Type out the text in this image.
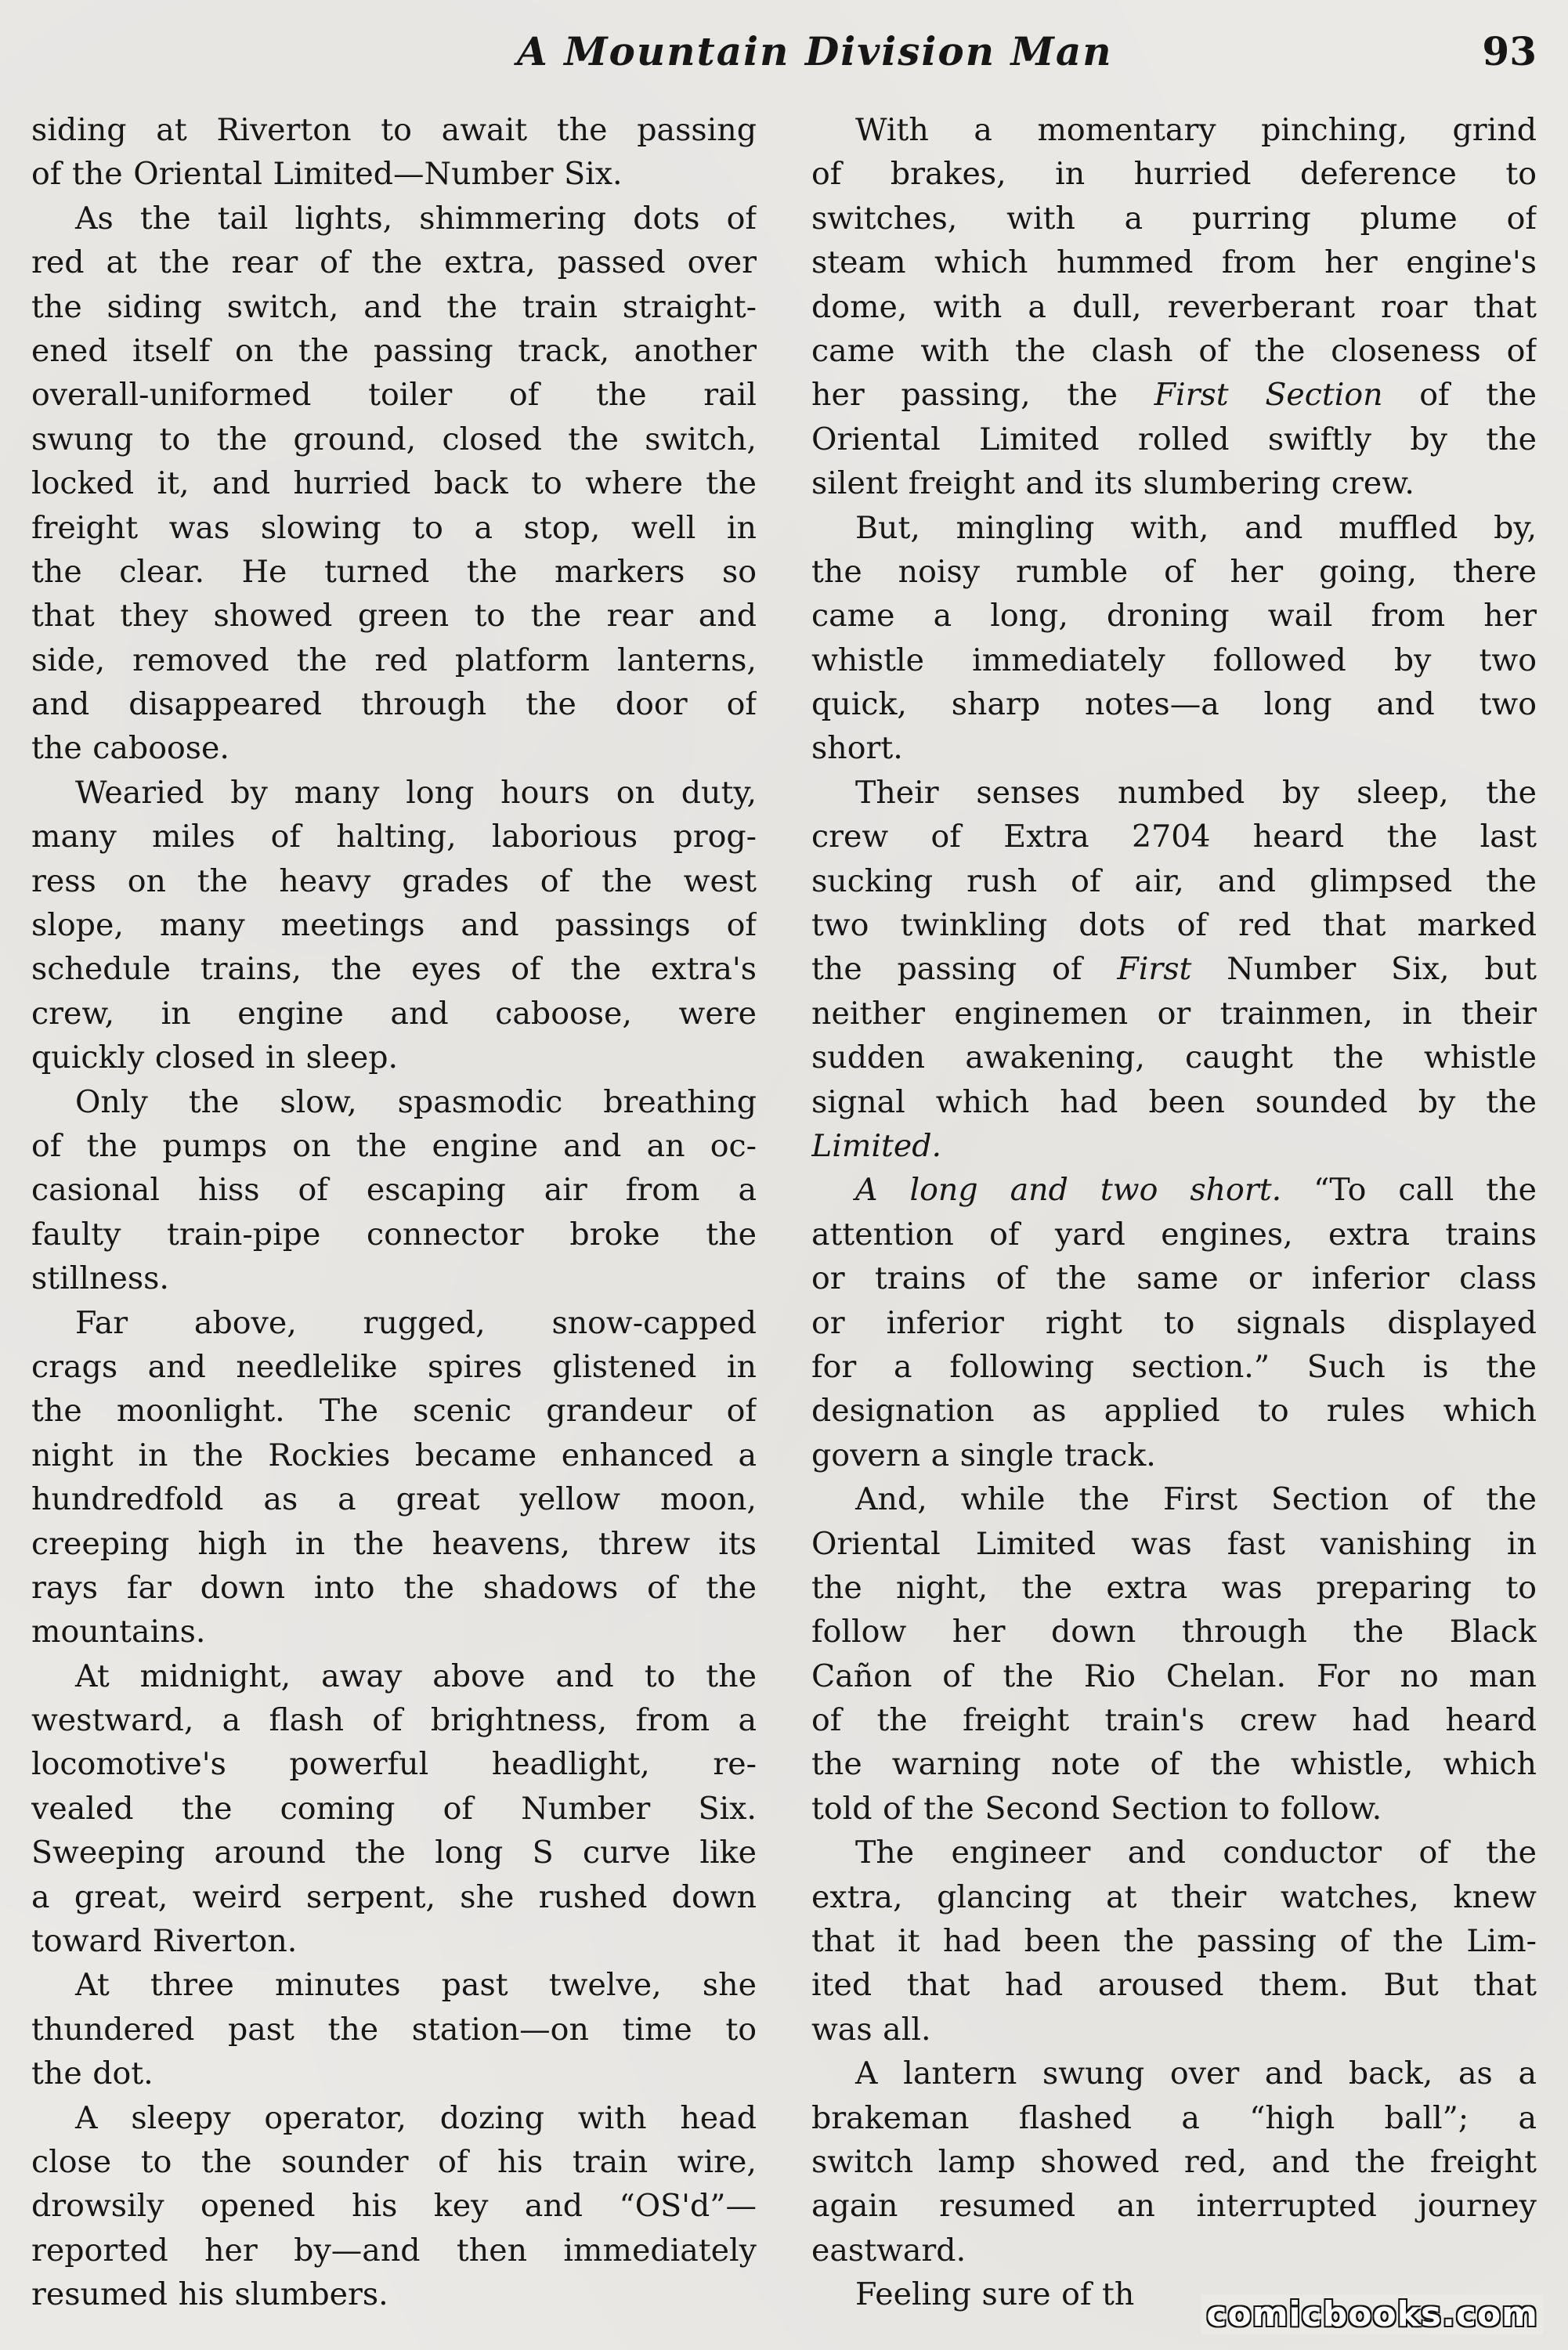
A Mountain Division Man	93
siding at Riverton to await the passing
of the Oriental Limited—Number Six.
As the tail lights, shimmering dots of
red at the rear of the extra, passed over
the siding switch, and the train straight-
ened itself on the passing track, another
overall-uniformed toiler of the rail
swung to the ground, closed the switch,
locked it, and hurried back to where the
freight was slowing to a stop, well in
the clear. He turned the markers so
that they showed green to the rear and
side, removed the red platform lanterns,
and disappeared through the door of
the caboose.
Wearied by many long hours on duty,
many miles of halting, laborious prog-
ress on the heavy grades of the west
slope, many meetings and passings of
schedule trains, the eyes of the extra's
crew, in engine and caboose, were
quickly closed in sleep.
Only the slow, spasmodic breathing
of the pumps on the engine and an oc-
casional hiss of escaping air from a
faulty train-pipe connector broke the
stillness.
Far above, rugged, snow-capped
crags and needlelike spires glistened in
the moonlight. The scenic grandeur of
night in the Rockies became enhanced a
hundredfold as a great yellow moon,
creeping high in the heavens, threw its
rays far down into the shadows of the
mountains.
At midnight, away above and to the
westward, a flash of brightness, from a
locomotive's powerful headlight, re-
vealed the coming of Number Six.
Sweeping around the long S curve like
a great, weird serpent, she rushed down
toward Riverton.
At three minutes past twelve, she
thundered past the station—on time to
the dot.
A sleepy operator, dozing with head
close to the sounder of his train wire,
drowsily opened his key and “OS'd”—
reported her by—and then immediately
resumed his slumbers.
With a momentary pinching, grind
of brakes, in hurried deference to
switches, with a purring plume of
steam which hummed from her engine's
dome, with a dull, reverberant roar that
came with the clash of the closeness of
her passing, the First Section of the
Oriental Limited rolled swiftly by the
silent freight and its slumbering crew.
But, mingling with, and muffled by,
the noisy rumble of her going, there
came a long, droning wail from her
whistle immediately followed by two
quick, sharp notes—a long and two
short.
Their senses numbed by sleep, the
crew of Extra 2704 heard the last
sucking rush of air, and glimpsed the
two twinkling dots of red that marked
the passing of First Number Six, but
neither enginemen or trainmen, in their
sudden awakening, caught the whistle
signal which had been sounded by the
Limited.
A long and two short. “To call the
attention of yard engines, extra trains
or trains of the same or inferior class
or inferior right to signals displayed
for a following section.” Such is the
designation as applied to rules which
govern a single track.
And, while the First Section of the
Oriental Limited was fast vanishing in
the night, the extra was preparing to
follow her down through the Black
Cañon of the Rio Chelan. For no man
of the freight train's crew had heard
the warning note of the whistle, which
told of the Second Section to follow.
The engineer and conductor of the
extra, glancing at their watches, knew
that it had been the passing of the Lim-
ited that had aroused them. But that
was all.
A lantern swung over and back, as a
brakeman flashed a “high ball”; a
switch lamp showed red, and the freight
again resumed an interrupted journey
eastward.
Feeling sure of th	comicbooks.com
